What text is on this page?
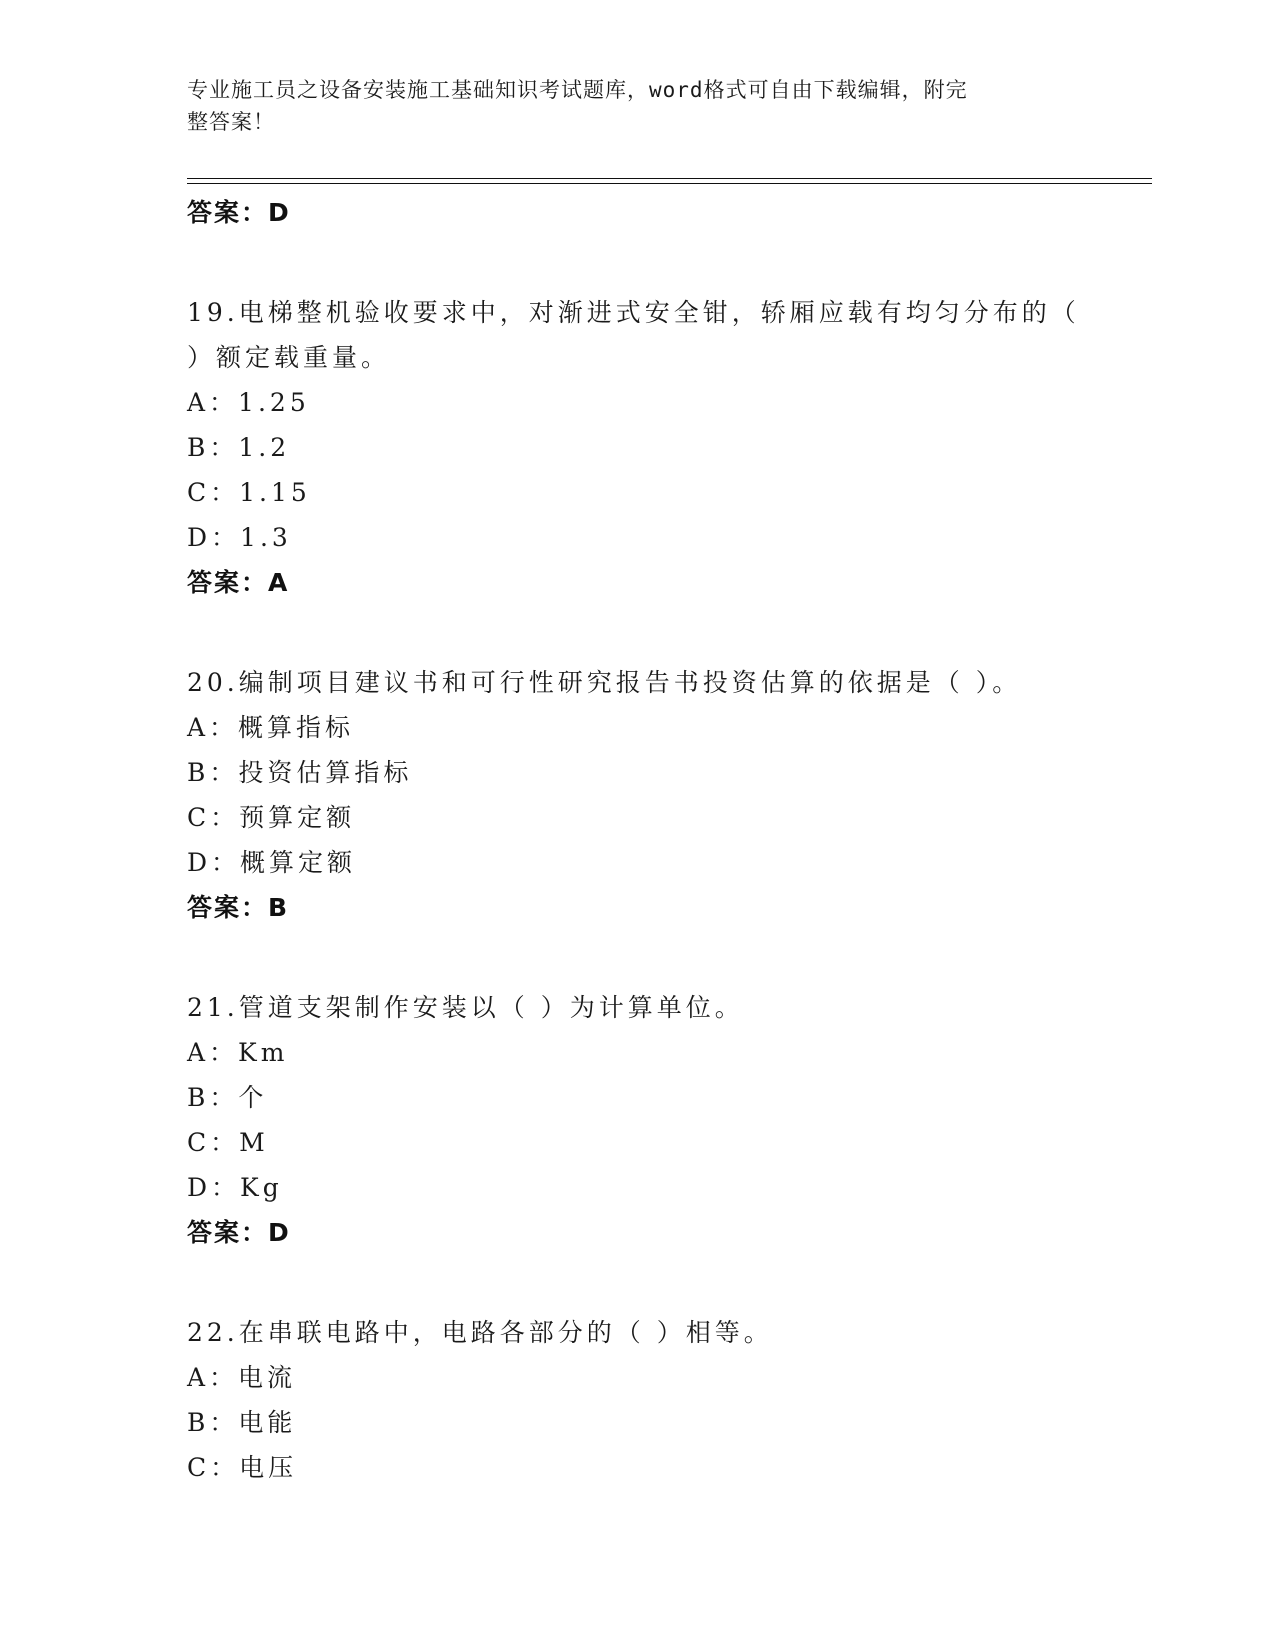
专业施工员之设备安装施工基础知识考试题库，word格式可自由下载编辑，附完
整答案！
答案：D
19.电梯整机验收要求中，对渐进式安全钳，轿厢应载有均匀分布的（
）额定载重量。
A：1.25
B：1.2
C：1.15
D：1.3
答案：A
20.编制项目建议书和可行性研究报告书投资估算的依据是（ ）。
A：概算指标
B：投资估算指标
C：预算定额
D：概算定额
答案：B
21.管道支架制作安装以（ ）为计算单位。
A：Km
B：个
C：M
D：Kg
答案：D
22.在串联电路中，电路各部分的（ ）相等。
A：电流
B：电能
C：电压
